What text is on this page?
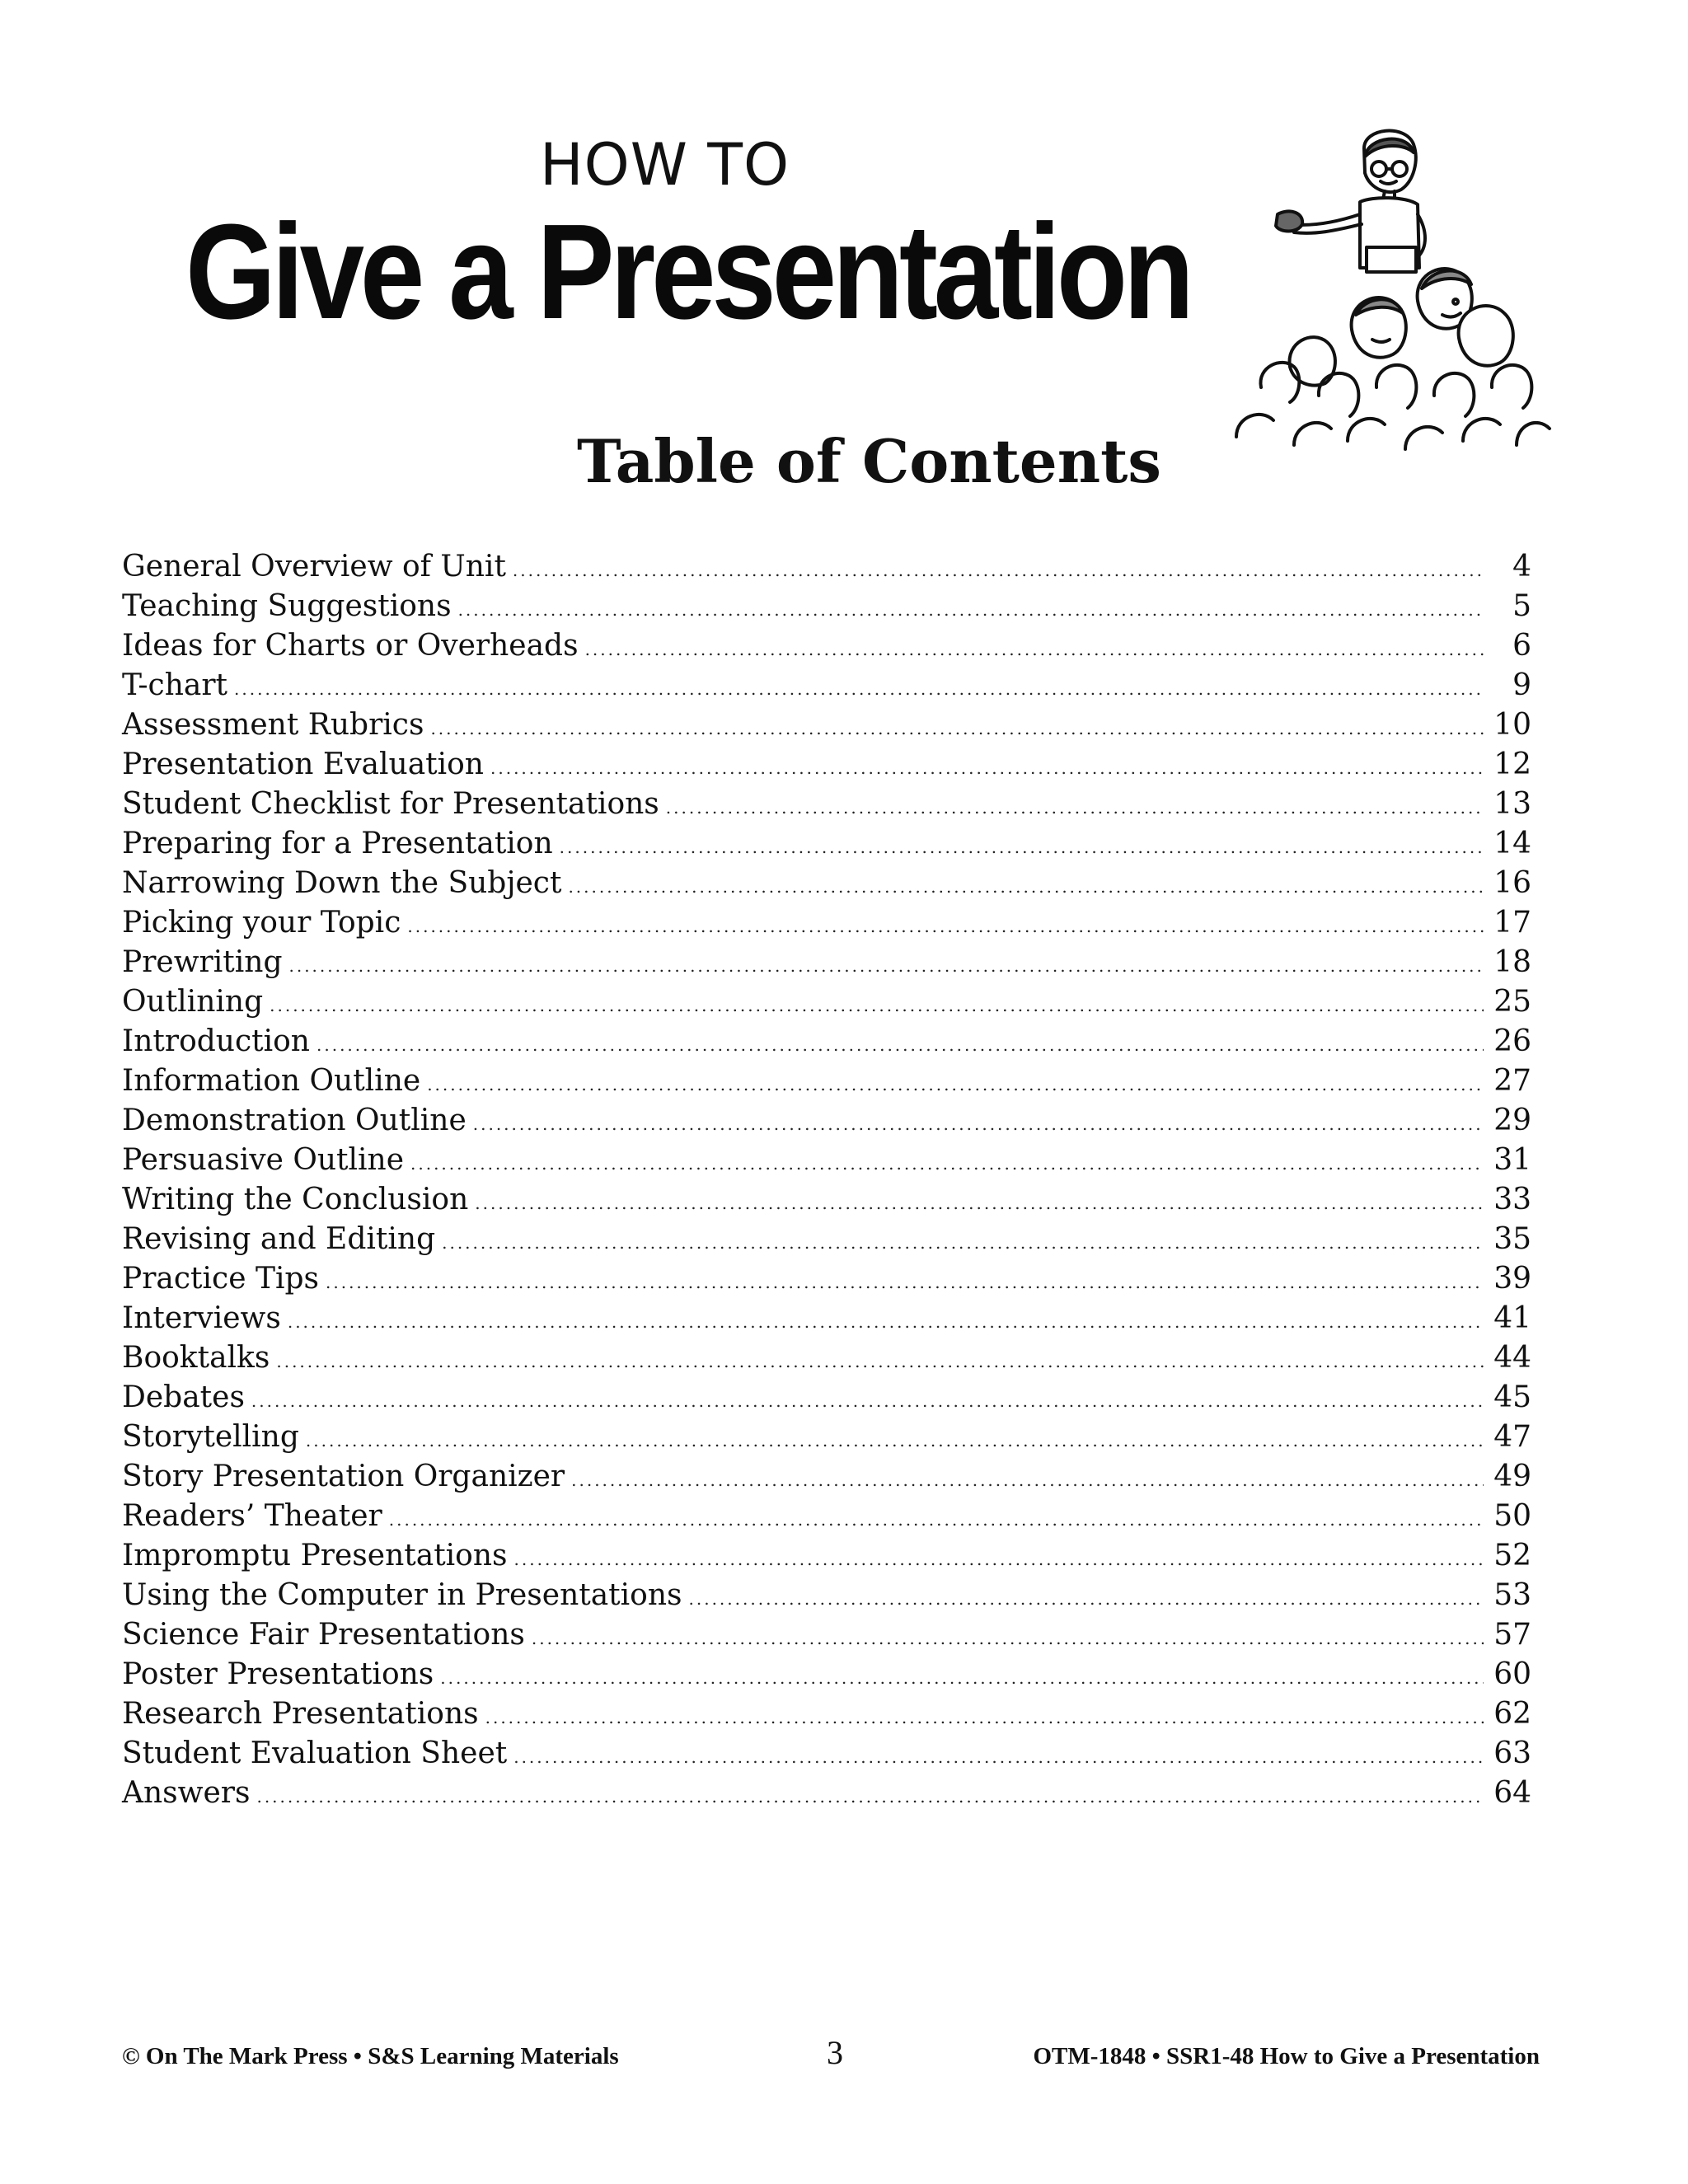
HOW TO
Give a Presentation
Table of Contents
General Overview of Unit .....	4
Teaching Suggestions .....	5
Ideas for Charts or Overheads .....	6
T-chart .....	9
Assessment Rubrics .....	10
Presentation Evaluation .....	12
Student Checklist for Presentations .....	13
Preparing for a Presentation .....	14
Narrowing Down the Subject .....	16
Picking your Topic .....	17
Prewriting .....	18
Outlining .....	25
Introduction .....	26
Information Outline .....	27
Demonstration Outline .....	29
Persuasive Outline .....	31
Writing the Conclusion .....	33
Revising and Editing .....	35
Practice Tips .....	39
Interviews .....	41
Booktalks .....	44
Debates .....	45
Storytelling .....	47
Story Presentation Organizer .....	49
Readers’ Theater .....	50
Impromptu Presentations .....	52
Using the Computer in Presentations .....	53
Science Fair Presentations .....	57
Poster Presentations .....	60
Research Presentations .....	62
Student Evaluation Sheet .....	63
Answers .....	64
© On The Mark Press • S&S Learning Materials	3	OTM-1848 • SSR1-48 How to Give a Presentation
